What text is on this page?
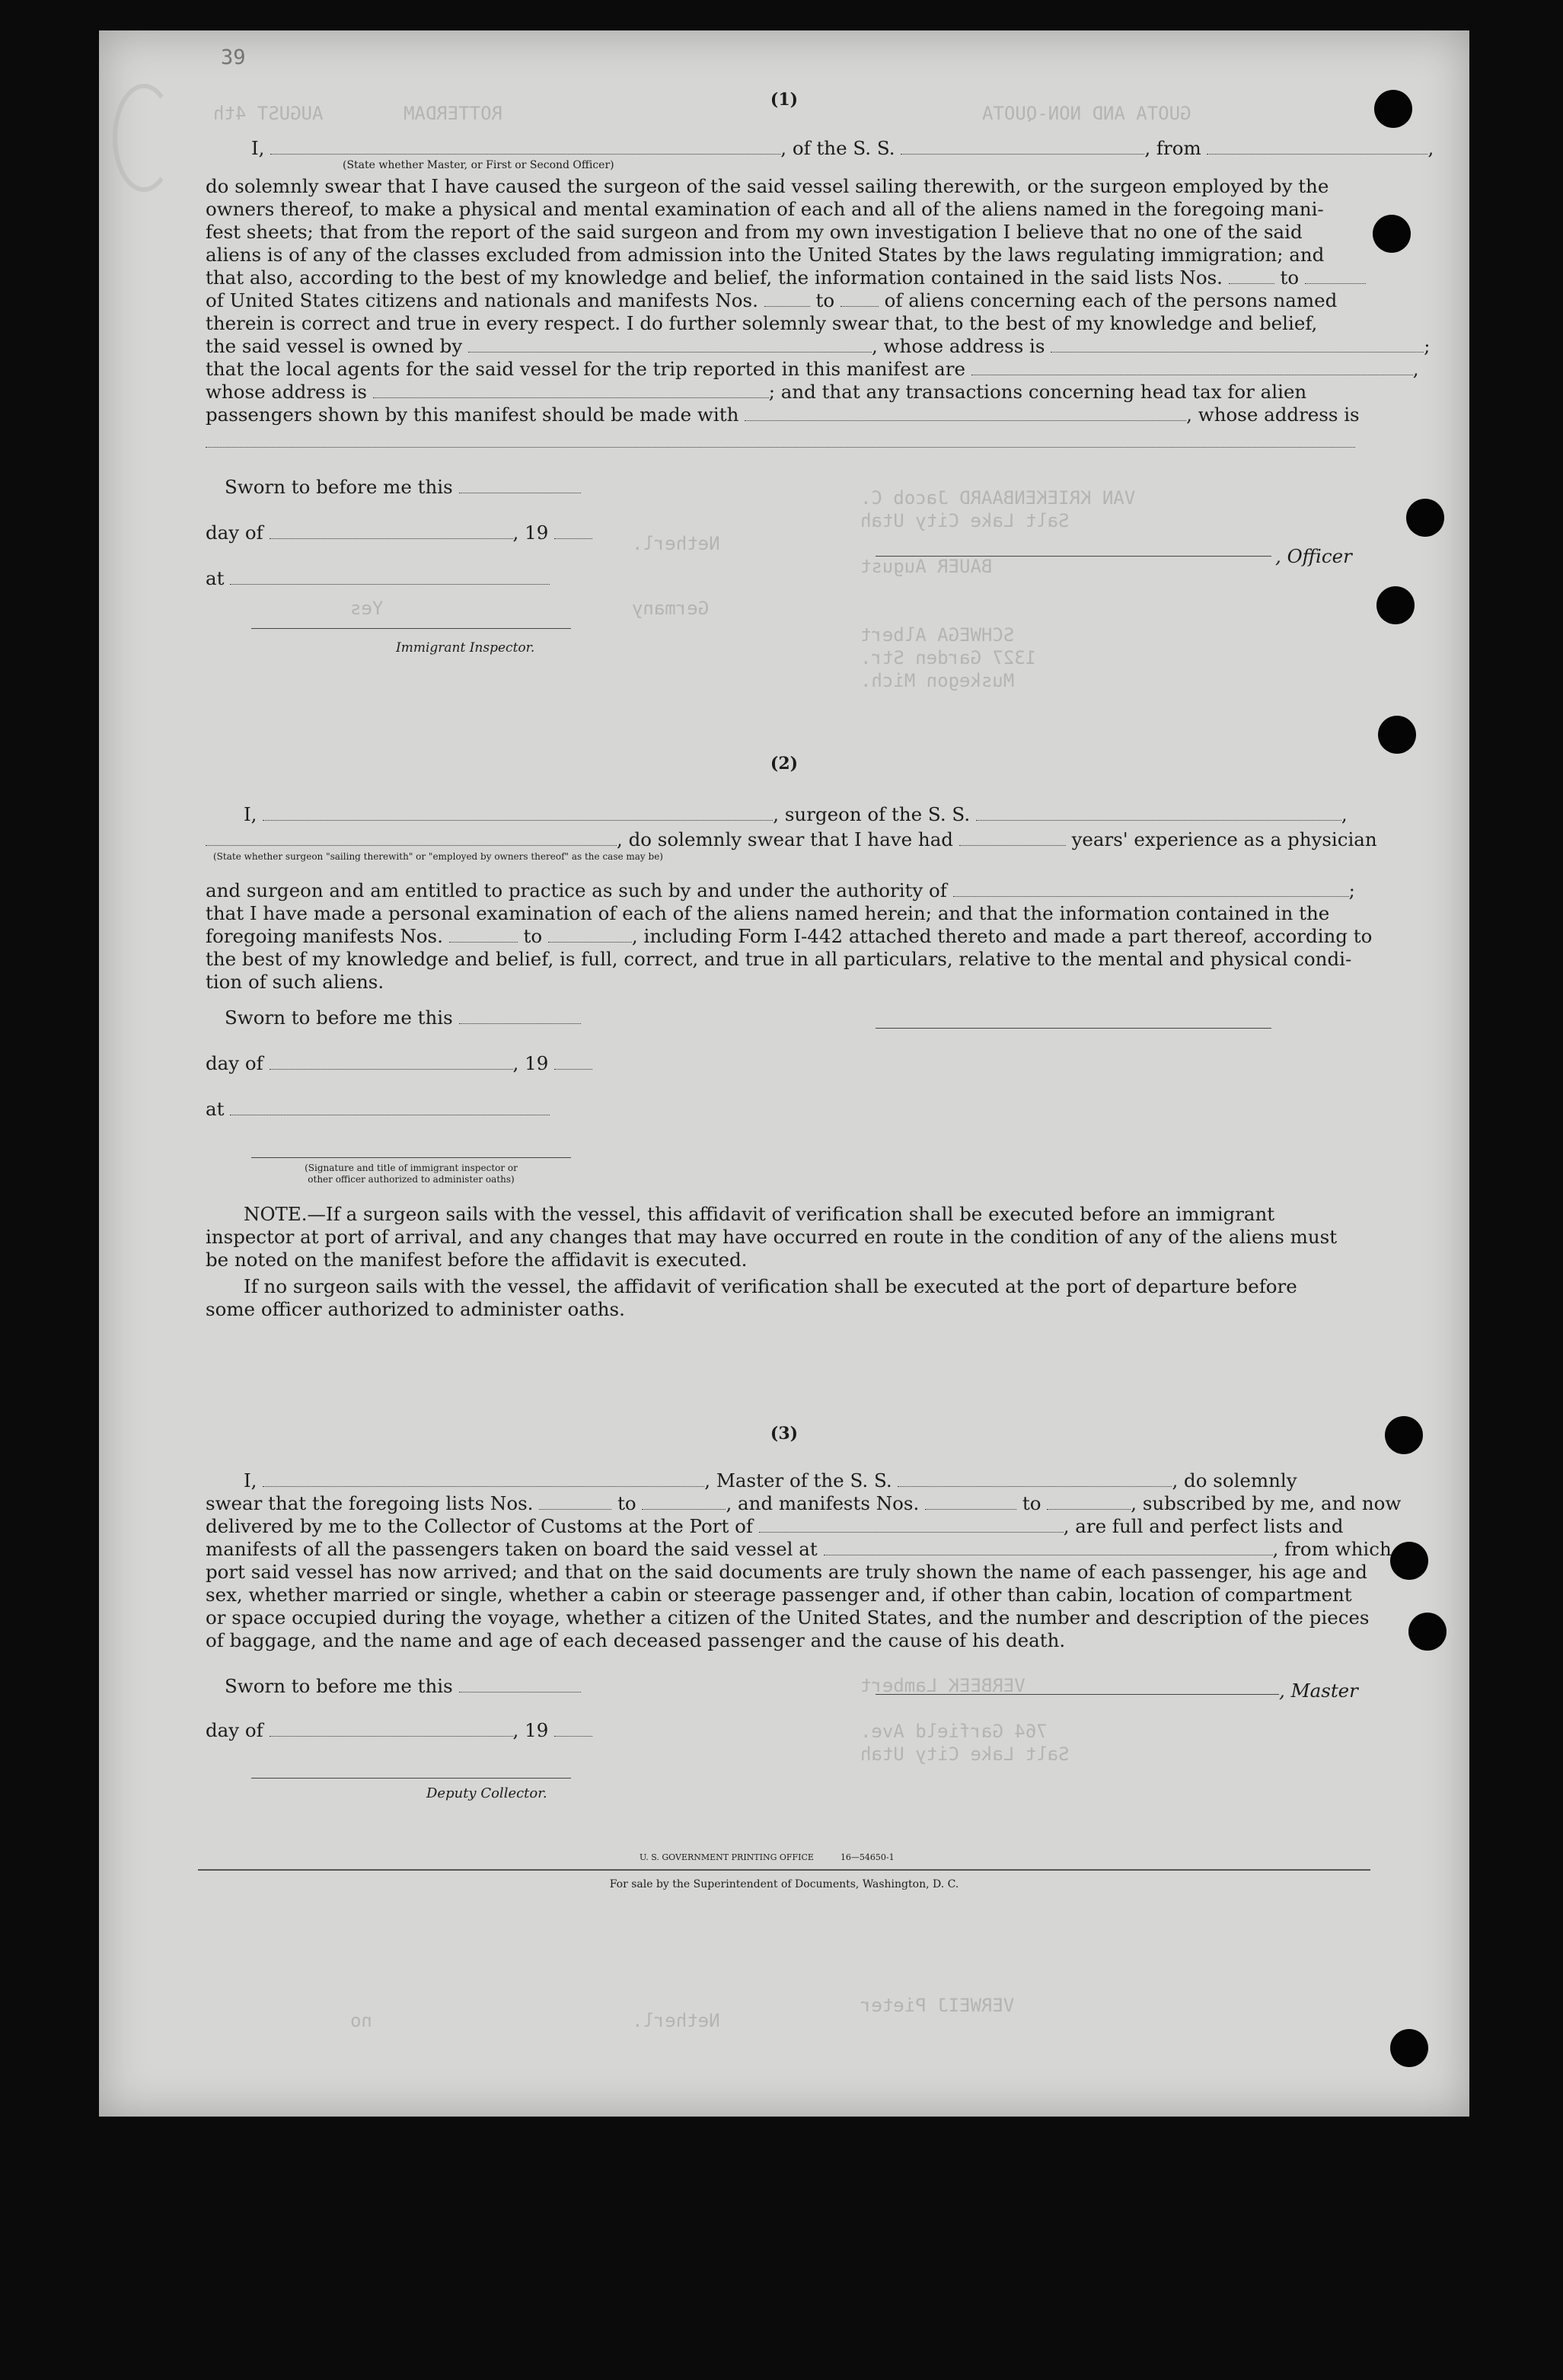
GUOTA AND NON-QUOTA
ROTTERDAM
AUGUST 4th
VAN KRIEKENBAARD Jacob C.
Salt Lake City Utah
BAUER August
SCHWEGA Albert
1327 Garden Str.
Muskegon Mich.
Netherl.
Germany
Yes
VERBEEK Lambert
764 Garfield Ave.
Salt Lake City Utah
VERWEIJ Pieter
Netherl.
no
39
(1)
I,	, of the S. S.	, from	,
(State whether Master, or First or Second Officer)
do solemnly swear that I have caused the surgeon of the said vessel sailing therewith, or the surgeon employed by the
owners thereof, to make a physical and mental examination of each and all of the aliens named in the foregoing mani-
fest sheets; that from the report of the said surgeon and from my own investigation I believe that no one of the said
aliens is of any of the classes excluded from admission into the United States by the laws regulating immigration; and
that also, according to the best of my knowledge and belief, the information contained in the said lists Nos.	to
of United States citizens and nationals and manifests Nos.	to	of aliens concerning each of the persons named
therein is correct and true in every respect. I do further solemnly swear that, to the best of my knowledge and belief,
the said vessel is owned by	, whose address is	;
that the local agents for the said vessel for the trip reported in this manifest are	,
whose address is	; and that any transactions concerning head tax for alien
passengers shown by this manifest should be made with	, whose address is
Sworn to before me this
day of	, 19
at
, Officer
Immigrant Inspector.
(2)
I,	, surgeon of the S. S.	,
, do solemnly swear that I have had	years' experience as a physician
(State whether surgeon "sailing therewith" or "employed by owners thereof" as the case may be)
and surgeon and am entitled to practice as such by and under the authority of	;
that I have made a personal examination of each of the aliens named herein; and that the information contained in the
foregoing manifests Nos.	to	, including Form I-442 attached thereto and made a part thereof, according to
the best of my knowledge and belief, is full, correct, and true in all particulars, relative to the mental and physical condi-
tion of such aliens.
Sworn to before me this
day of	, 19
at
(Signature and title of immigrant inspector or
other officer authorized to administer oaths)
NOTE.—If a surgeon sails with the vessel, this affidavit of verification shall be executed before an immigrant
inspector at port of arrival, and any changes that may have occurred en route in the condition of any of the aliens must
be noted on the manifest before the affidavit is executed.
If no surgeon sails with the vessel, the affidavit of verification shall be executed at the port of departure before
some officer authorized to administer oaths.
(3)
I,	, Master of the S. S.	, do solemnly
swear that the foregoing lists Nos.	to	, and manifests Nos.	to	, subscribed by me, and now
delivered by me to the Collector of Customs at the Port of	, are full and perfect lists and
manifests of all the passengers taken on board the said vessel at	, from which
port said vessel has now arrived; and that on the said documents are truly shown the name of each passenger, his age and
sex, whether married or single, whether a cabin or steerage passenger and, if other than cabin, location of compartment
or space occupied during the voyage, whether a citizen of the United States, and the number and description of the pieces
of baggage, and the name and age of each deceased passenger and the cause of his death.
Sworn to before me this	, Master
day of	, 19
Deputy Collector.
U. S. GOVERNMENT PRINTING OFFICE	16—54650-1
For sale by the Superintendent of Documents, Washington, D. C.
